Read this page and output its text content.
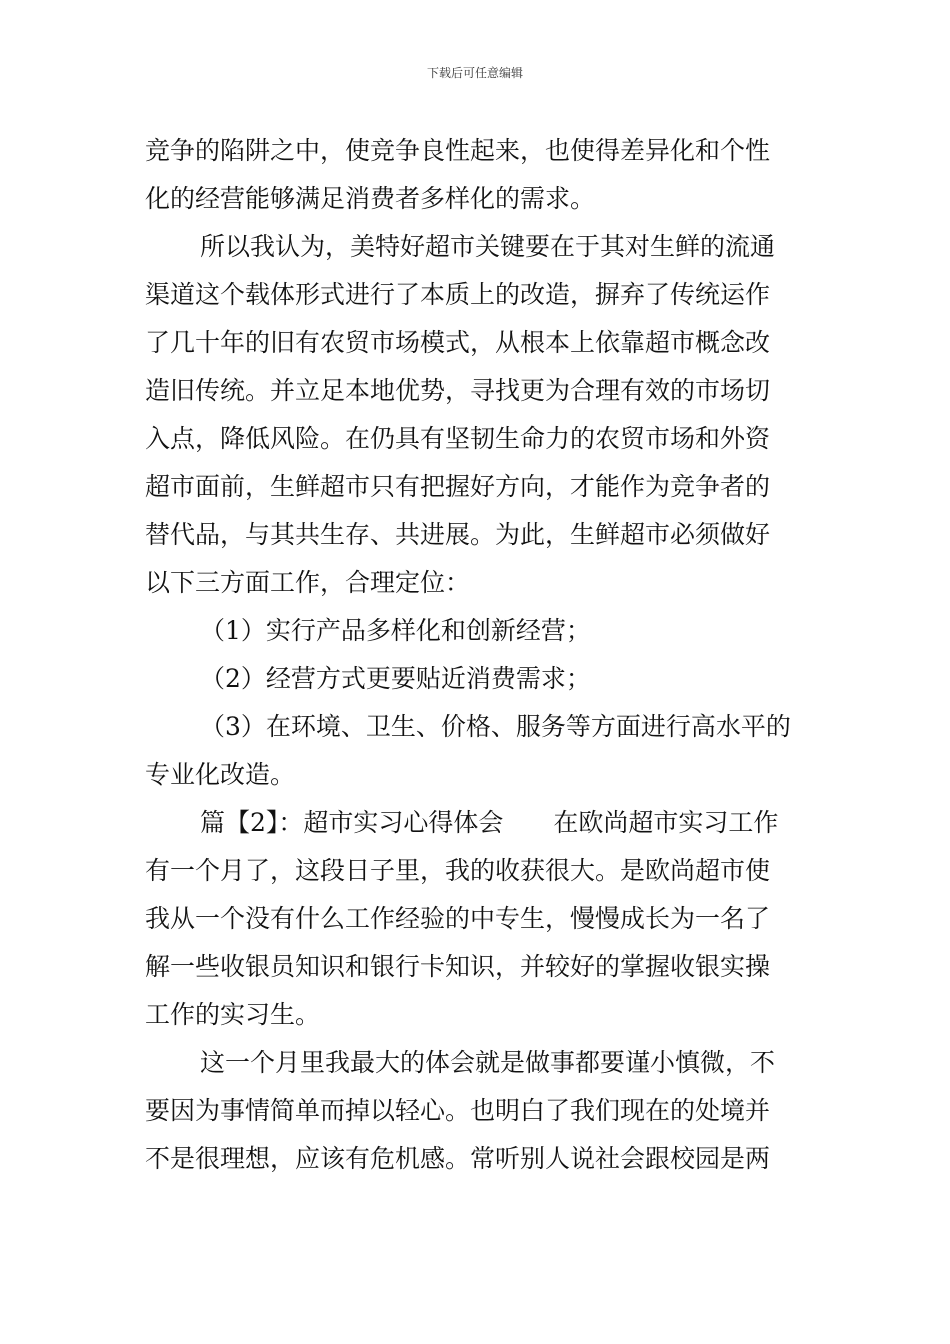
下载后可任意编辑
竞争的陷阱之中，使竞争良性起来，也使得差异化和个性
化的经营能够满足消费者多样化的需求。
所以我认为，美特好超市关键要在于其对生鲜的流通
渠道这个载体形式进行了本质上的改造，摒弃了传统运作
了几十年的旧有农贸市场模式，从根本上依靠超市概念改
造旧传统。并立足本地优势，寻找更为合理有效的市场切
入点，降低风险。在仍具有坚韧生命力的农贸市场和外资
超市面前，生鲜超市只有把握好方向，才能作为竞争者的
替代品，与其共生存、共进展。为此，生鲜超市必须做好
以下三方面工作，合理定位：
（1）实行产品多样化和创新经营；
（2）经营方式更要贴近消费需求；
（3）在环境、卫生、价格、服务等方面进行高水平的
专业化改造。
篇【2】：超市实习心得体会　　在欧尚超市实习工作
有一个月了，这段日子里，我的收获很大。是欧尚超市使
我从一个没有什么工作经验的中专生，慢慢成长为一名了
解一些收银员知识和银行卡知识，并较好的掌握收银实操
工作的实习生。
这一个月里我最大的体会就是做事都要谨小慎微，不
要因为事情简单而掉以轻心。也明白了我们现在的处境并
不是很理想，应该有危机感。常听别人说社会跟校园是两
